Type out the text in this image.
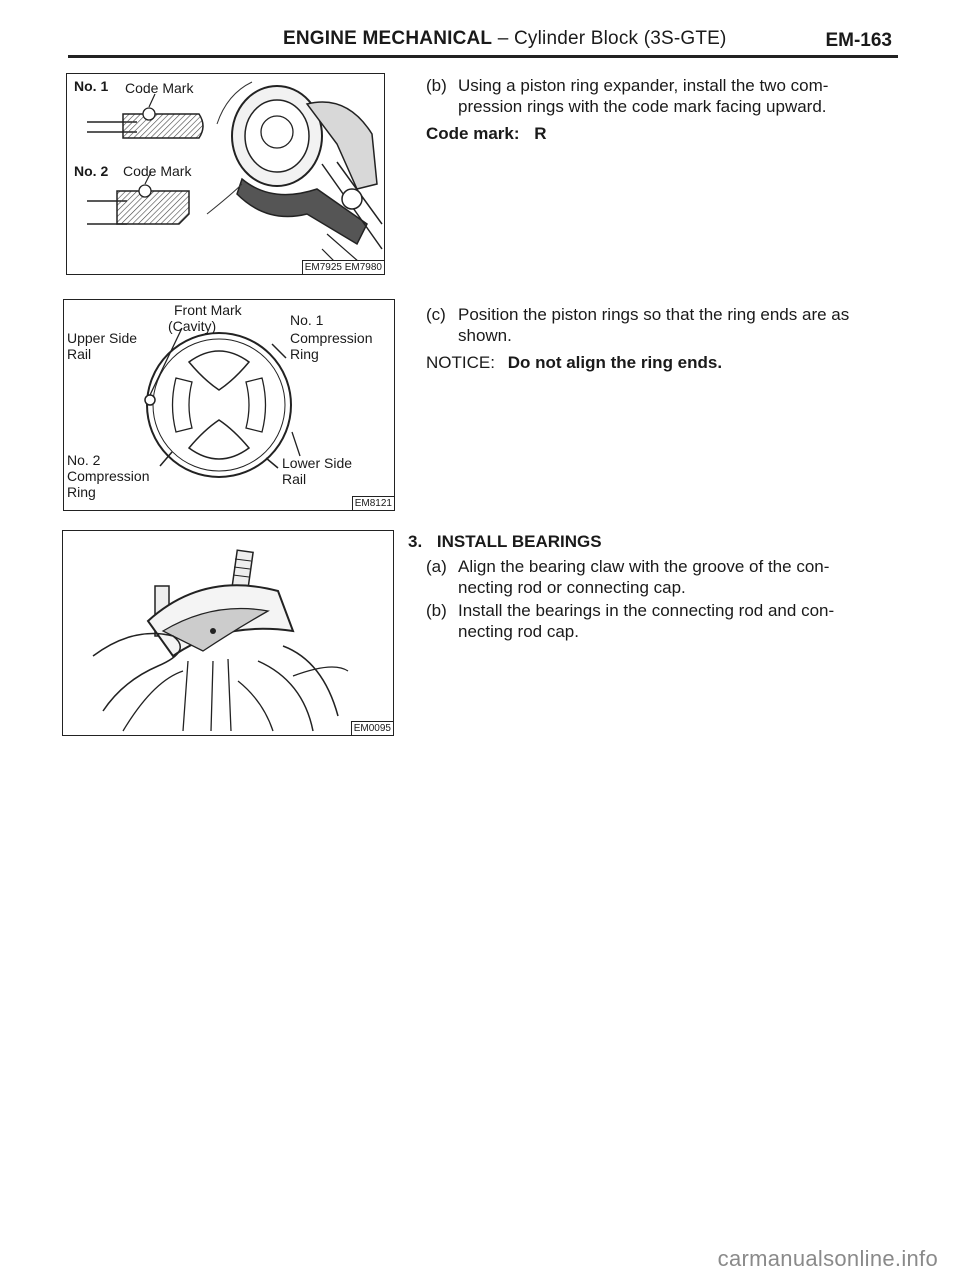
ENGINE MECHANICAL – Cylinder Block (3S-GTE)	EM-163
No. 1 Code Mark
No. 2 Code Mark
EM7925 EM7980
Front Mark
(Cavity)
Upper Side
Rail
No. 1
Compression
Ring
No. 2
Compression
Ring
Lower Side
Rail
EM8121
EM0095
(b) Using a piston ring expander, install the two com-
pression rings with the code mark facing upward.
Code mark: R
(c) Position the piston rings so that the ring ends are as
shown.
NOTICE: Do not align the ring ends.
3. INSTALL BEARINGS
(a) Align the bearing claw with the groove of the con-
necting rod or connecting cap.
(b) Install the bearings in the connecting rod and con-
necting rod cap.
carmanualsonline.info
